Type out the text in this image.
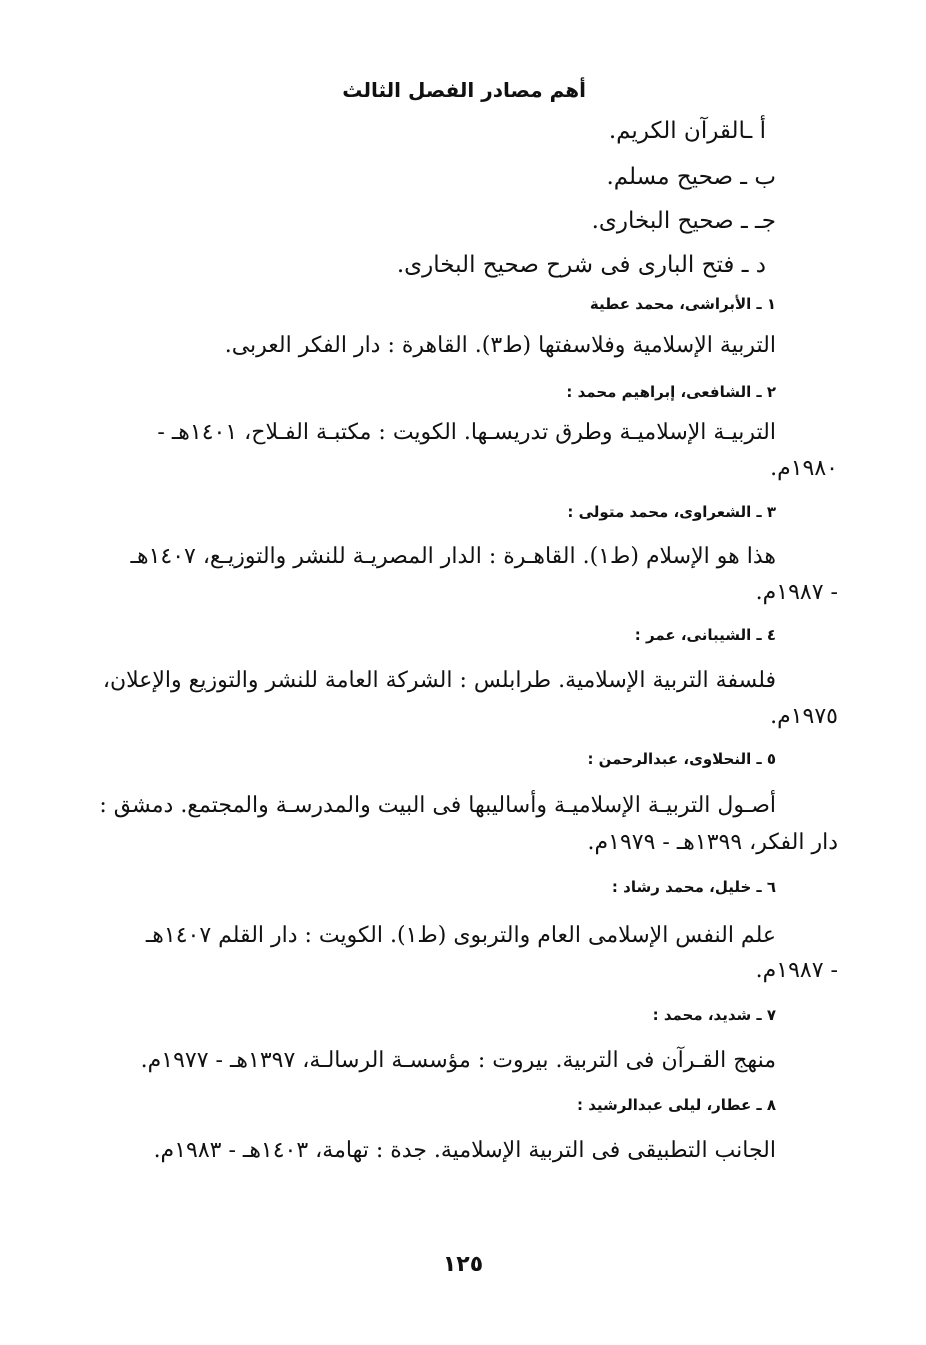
أهم مصادر الفصل الثالث
أ ـالقرآن الكريم.
ب ـ صحيح مسلم.
جـ ـ صحيح البخارى.
د ـ فتح البارى فى شرح صحيح البخارى.
١ ـ الأبراشى، محمد عطية
التربية الإسلامية وفلاسفتها (ط٣). القاهرة : دار الفكر العربى.
٢ ـ الشافعى، إبراهيم محمد :
التربيـة الإسلاميـة وطرق تدريسـها. الكويت : مكتبـة الفـلاح، ١٤٠١هـ -
١٩٨٠م.
٣ ـ الشعراوى، محمد متولى :
هذا هو الإسلام (ط١). القاهـرة : الدار المصريـة للنشر والتوزيـع، ١٤٠٧هـ
- ١٩٨٧م.
٤ ـ الشيبانى، عمر :
فلسفة التربية الإسلامية. طرابلس : الشركة العامة للنشر والتوزيع والإعلان،
١٩٧٥م.
٥ ـ النحلاوى، عبدالرحمن :
أصـول التربيـة الإسلاميـة وأساليبها فى البيت والمدرسـة والمجتمع. دمشق :
دار الفكر، ١٣٩٩هـ - ١٩٧٩م.
٦ ـ خليل، محمد رشاد :
علم النفس الإسلامى العام والتربوى (ط١). الكويت : دار القلم ١٤٠٧هـ
- ١٩٨٧م.
٧ ـ شديد، محمد :
منهج القـرآن فى التربية. بيروت : مؤسسـة الرسالـة، ١٣٩٧هـ - ١٩٧٧م.
٨ ـ عطار، ليلى عبدالرشيد :
الجانب التطبيقى فى التربية الإسلامية. جدة : تهامة، ١٤٠٣هـ - ١٩٨٣م.
١٢٥
